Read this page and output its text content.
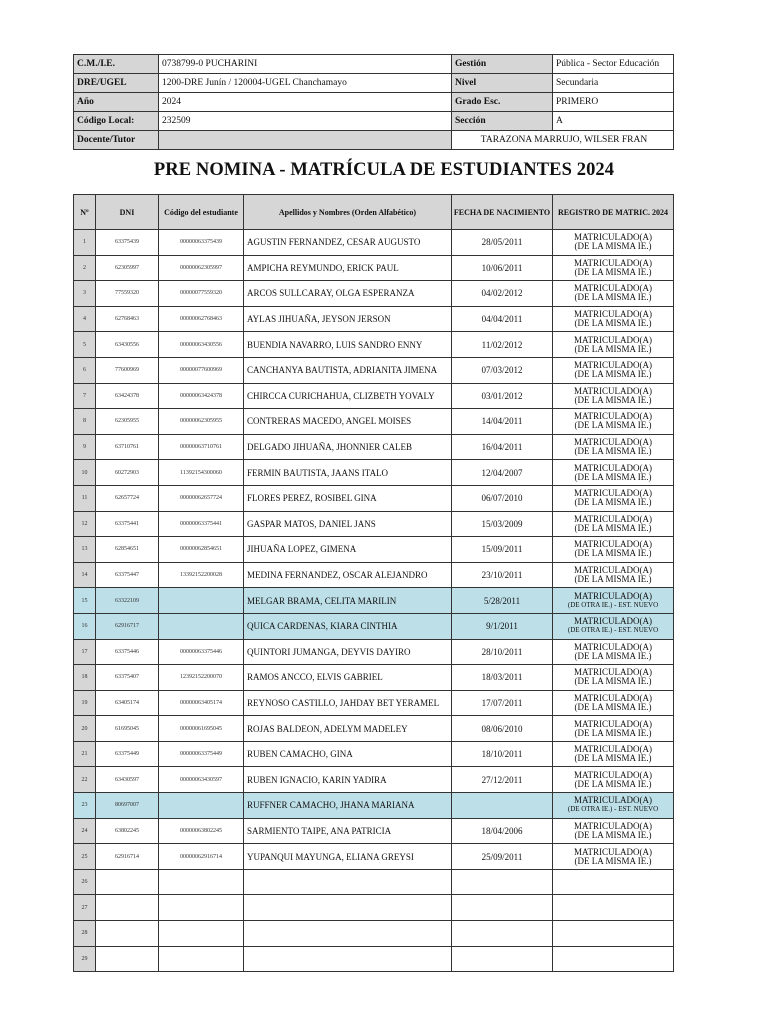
C.M./I.E.	0738799-0 PUCHARINI	Gestión	Pública - Sector Educación
DRE/UGEL	1200-DRE Junín / 120004-UGEL Chanchamayo	Nivel	Secundaria
Año	2024	Grado Esc.	PRIMERO
Código Local:	232509	Sección	A
Docente/Tutor		TARAZONA MARRUJO, WILSER FRAN	
PRE NOMINA - MATRÍCULA DE ESTUDIANTES 2024
Nº	DNI	Código del estudiante	Apellidos y Nombres (Orden Alfabético)	FECHA DE NACIMIENTO	REGISTRO DE MATRIC. 2024
1	63375439	00000063375439	AGUSTIN FERNANDEZ, CESAR AUGUSTO	28/05/2011	MATRICULADO(A)
(DE LA MISMA IE.)

2	62305997	00000062305997	AMPICHA REYMUNDO, ERICK PAUL	10/06/2011	MATRICULADO(A)
(DE LA MISMA IE.)

3	77559320	00000077559320	ARCOS SULLCARAY, OLGA ESPERANZA	04/02/2012	MATRICULADO(A)
(DE LA MISMA IE.)

4	62768463	00000062768463	AYLAS JIHUAÑA, JEYSON JERSON	04/04/2011	MATRICULADO(A)
(DE LA MISMA IE.)

5	63430556	00000063430556	BUENDIA NAVARRO, LUIS SANDRO ENNY	11/02/2012	MATRICULADO(A)
(DE LA MISMA IE.)

6	77600969	00000077600969	CANCHANYA BAUTISTA, ADRIANITA JIMENA	07/03/2012	MATRICULADO(A)
(DE LA MISMA IE.)

7	63424378	00000063424378	CHIRCCA CURICHAHUA, CLIZBETH YOVALY	03/01/2012	MATRICULADO(A)
(DE LA MISMA IE.)

8	62305955	00000062305955	CONTRERAS MACEDO, ANGEL MOISES	14/04/2011	MATRICULADO(A)
(DE LA MISMA IE.)

9	63710761	00000063710761	DELGADO JIHUAÑA, JHONNIER CALEB	16/04/2011	MATRICULADO(A)
(DE LA MISMA IE.)

10	60272903	11392154300060	FERMIN BAUTISTA, JAANS ITALO	12/04/2007	MATRICULADO(A)
(DE LA MISMA IE.)

11	62657724	00000062657724	FLORES PEREZ, ROSIBEL GINA	06/07/2010	MATRICULADO(A)
(DE LA MISMA IE.)

12	63375441	00000063375441	GASPAR MATOS, DANIEL JANS	15/03/2009	MATRICULADO(A)
(DE LA MISMA IE.)

13	62854651	00000062854651	JIHUAÑA LOPEZ, GIMENA	15/09/2011	MATRICULADO(A)
(DE LA MISMA IE.)

14	63375447	13392152200028	MEDINA FERNANDEZ, OSCAR ALEJANDRO	23/10/2011	MATRICULADO(A)
(DE LA MISMA IE.)

15	63322109		MELGAR BRAMA, CELITA MARILIN	5/28/2011	MATRICULADO(A)
(DE OTRA IE.) - EST. NUEVO

16	62916717		QUICA CARDENAS, KIARA CINTHIA	9/1/2011	MATRICULADO(A)
(DE OTRA IE.) - EST. NUEVO

17	63375446	00000063375446	QUINTORI JUMANGA, DEYVIS DAYIRO	28/10/2011	MATRICULADO(A)
(DE LA MISMA IE.)

18	63375407	12392152200070	RAMOS ANCCO, ELVIS GABRIEL	18/03/2011	MATRICULADO(A)
(DE LA MISMA IE.)

19	63405174	00000063405174	REYNOSO CASTILLO, JAHDAY BET YERAMEL	17/07/2011	MATRICULADO(A)
(DE LA MISMA IE.)

20	61695045	00000061695045	ROJAS BALDEON, ADELYM MADELEY	08/06/2010	MATRICULADO(A)
(DE LA MISMA IE.)

21	63375449	00000063375449	RUBEN CAMACHO, GINA	18/10/2011	MATRICULADO(A)
(DE LA MISMA IE.)

22	63430597	00000063430597	RUBEN IGNACIO, KARIN YADIRA	27/12/2011	MATRICULADO(A)
(DE LA MISMA IE.)

23	80697007		RUFFNER CAMACHO, JHANA MARIANA		MATRICULADO(A)
(DE OTRA IE.) - EST. NUEVO

24	63802245	00000063802245	SARMIENTO TAIPE, ANA PATRICIA	18/04/2006	MATRICULADO(A)
(DE LA MISMA IE.)

25	62916714	00000062916714	YUPANQUI MAYUNGA, ELIANA GREYSI	25/09/2011	MATRICULADO(A)
(DE LA MISMA IE.)

26					

27					

28					

29					
